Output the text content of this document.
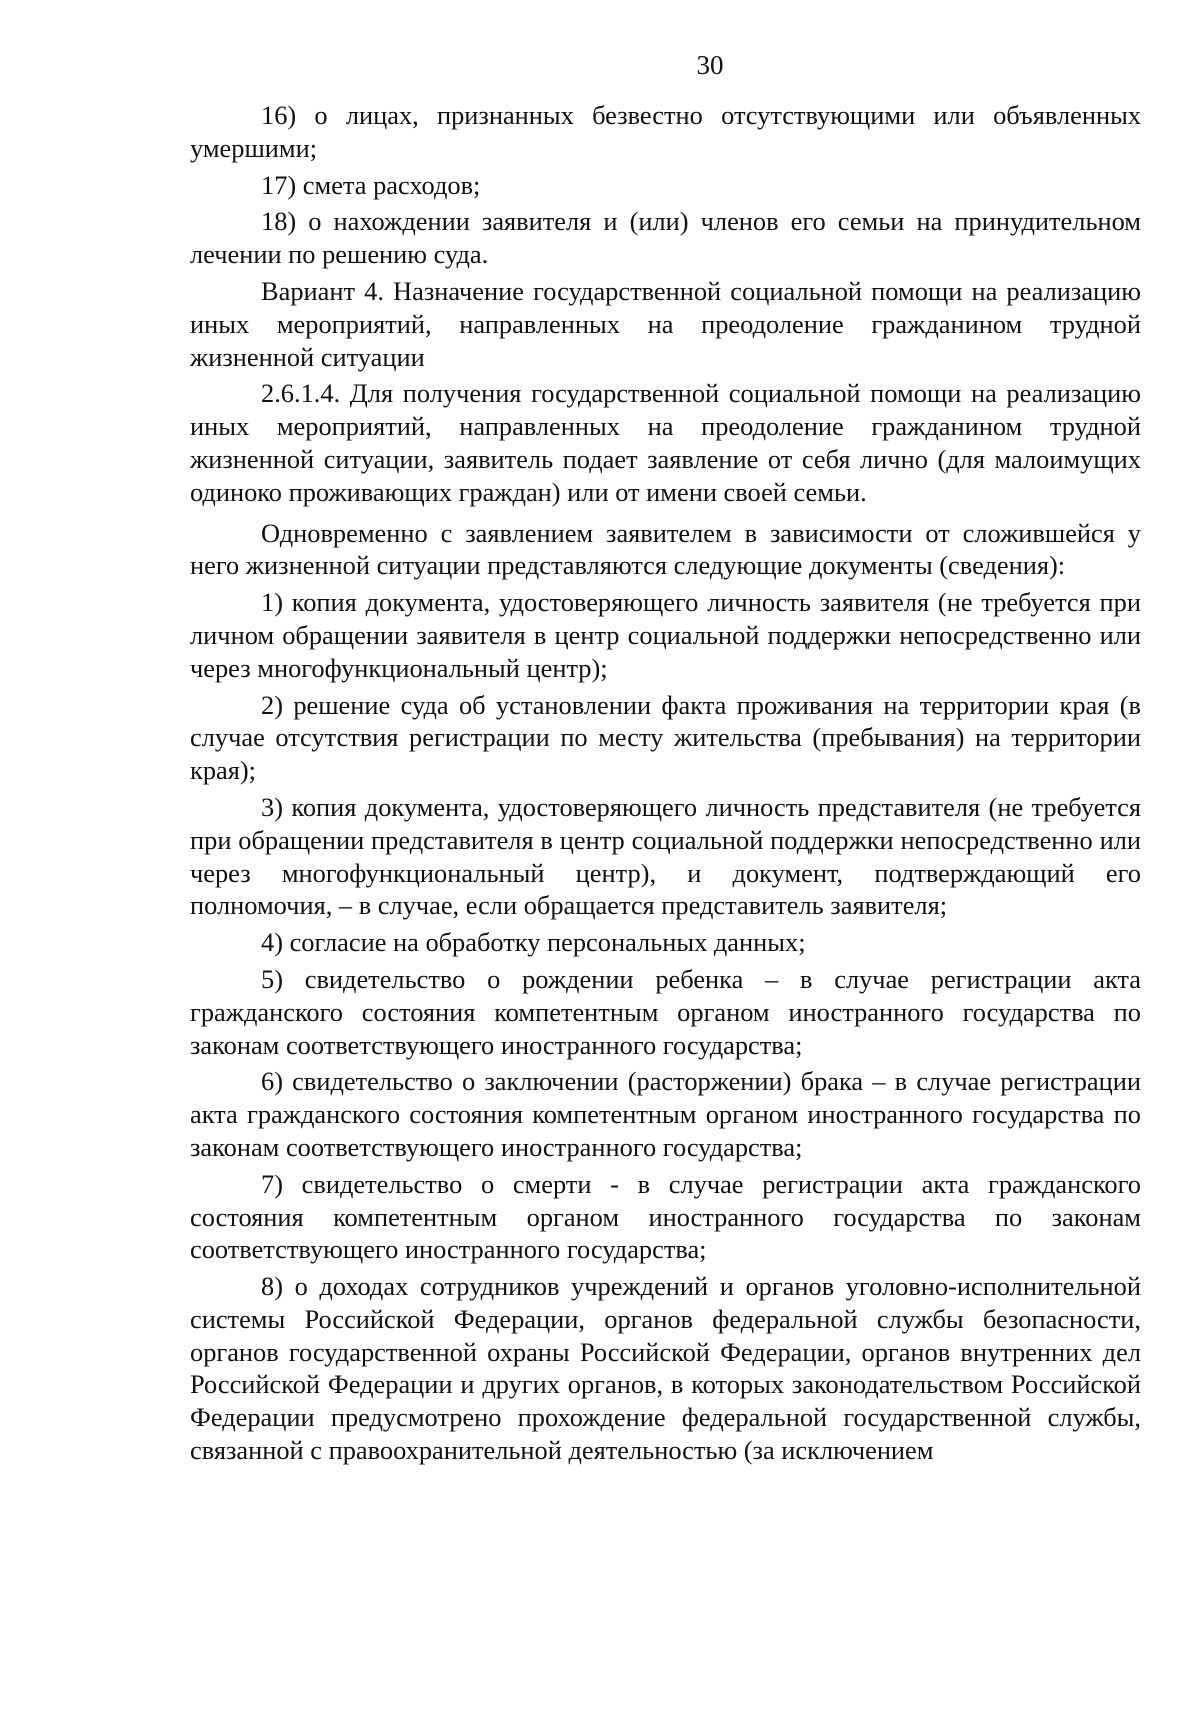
30

16) о лицах, признанных безвестно отсутствующими или объявленных умершими;

17) смета расходов;

18) о нахождении заявителя и (или) членов его семьи на принудительном лечении по решению суда.

Вариант 4. Назначение государственной социальной помощи на реализацию иных мероприятий, направленных на преодоление гражданином трудной жизненной ситуации

2.6.1.4. Для получения государственной социальной помощи на реализацию иных мероприятий, направленных на преодоление гражданином трудной жизненной ситуации, заявитель подает заявление от себя лично (для малоимущих одиноко проживающих граждан) или от имени своей семьи.

Одновременно с заявлением заявителем в зависимости от сложившейся у него жизненной ситуации представляются следующие документы (сведения):

1) копия документа, удостоверяющего личность заявителя (не требуется при личном обращении заявителя в центр социальной поддержки непосредственно или через многофункциональный центр);

2) решение суда об установлении факта проживания на территории края (в случае отсутствия регистрации по месту жительства (пребывания) на территории края);

3) копия документа, удостоверяющего личность представителя (не требуется при обращении представителя в центр социальной поддержки непосредственно или через многофункциональный центр), и документ, подтверждающий его полномочия, – в случае, если обращается представитель заявителя;

4) согласие на обработку персональных данных;

5) свидетельство о рождении ребенка – в случае регистрации акта гражданского состояния компетентным органом иностранного государства по законам соответствующего иностранного государства;

6) свидетельство о заключении (расторжении) брака – в случае регистрации акта гражданского состояния компетентным органом иностранного государства по законам соответствующего иностранного государства;

7) свидетельство о смерти - в случае регистрации акта гражданского состояния компетентным органом иностранного государства по законам соответствующего иностранного государства;

8) о доходах сотрудников учреждений и органов уголовно-исполнительной системы Российской Федерации, органов федеральной службы безопасности, органов государственной охраны Российской Федерации, органов внутренних дел Российской Федерации и других органов, в которых законодательством Российской Федерации предусмотрено прохождение федеральной государственной службы, связанной с правоохранительной деятельностью (за исключением
